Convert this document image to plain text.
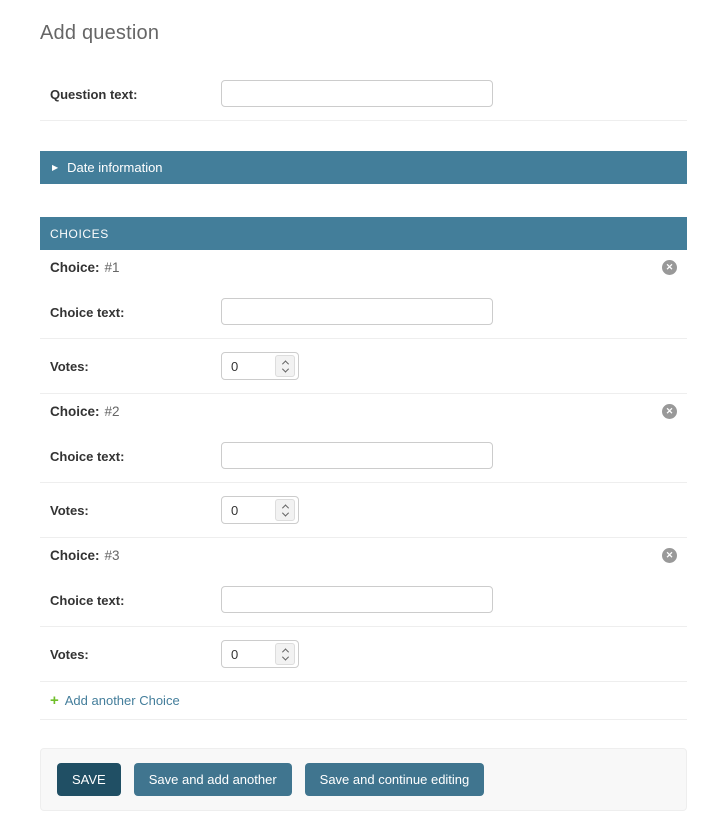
Add question
Question text:
▶ Date information
CHOICES
Choice: #1	✕
Choice text:
Votes:
0
Choice: #2	✕
Choice text:
Votes:
0
Choice: #3	✕
Choice text:
Votes:
0
+ Add another Choice
SAVE	Save and add another	Save and continue editing
